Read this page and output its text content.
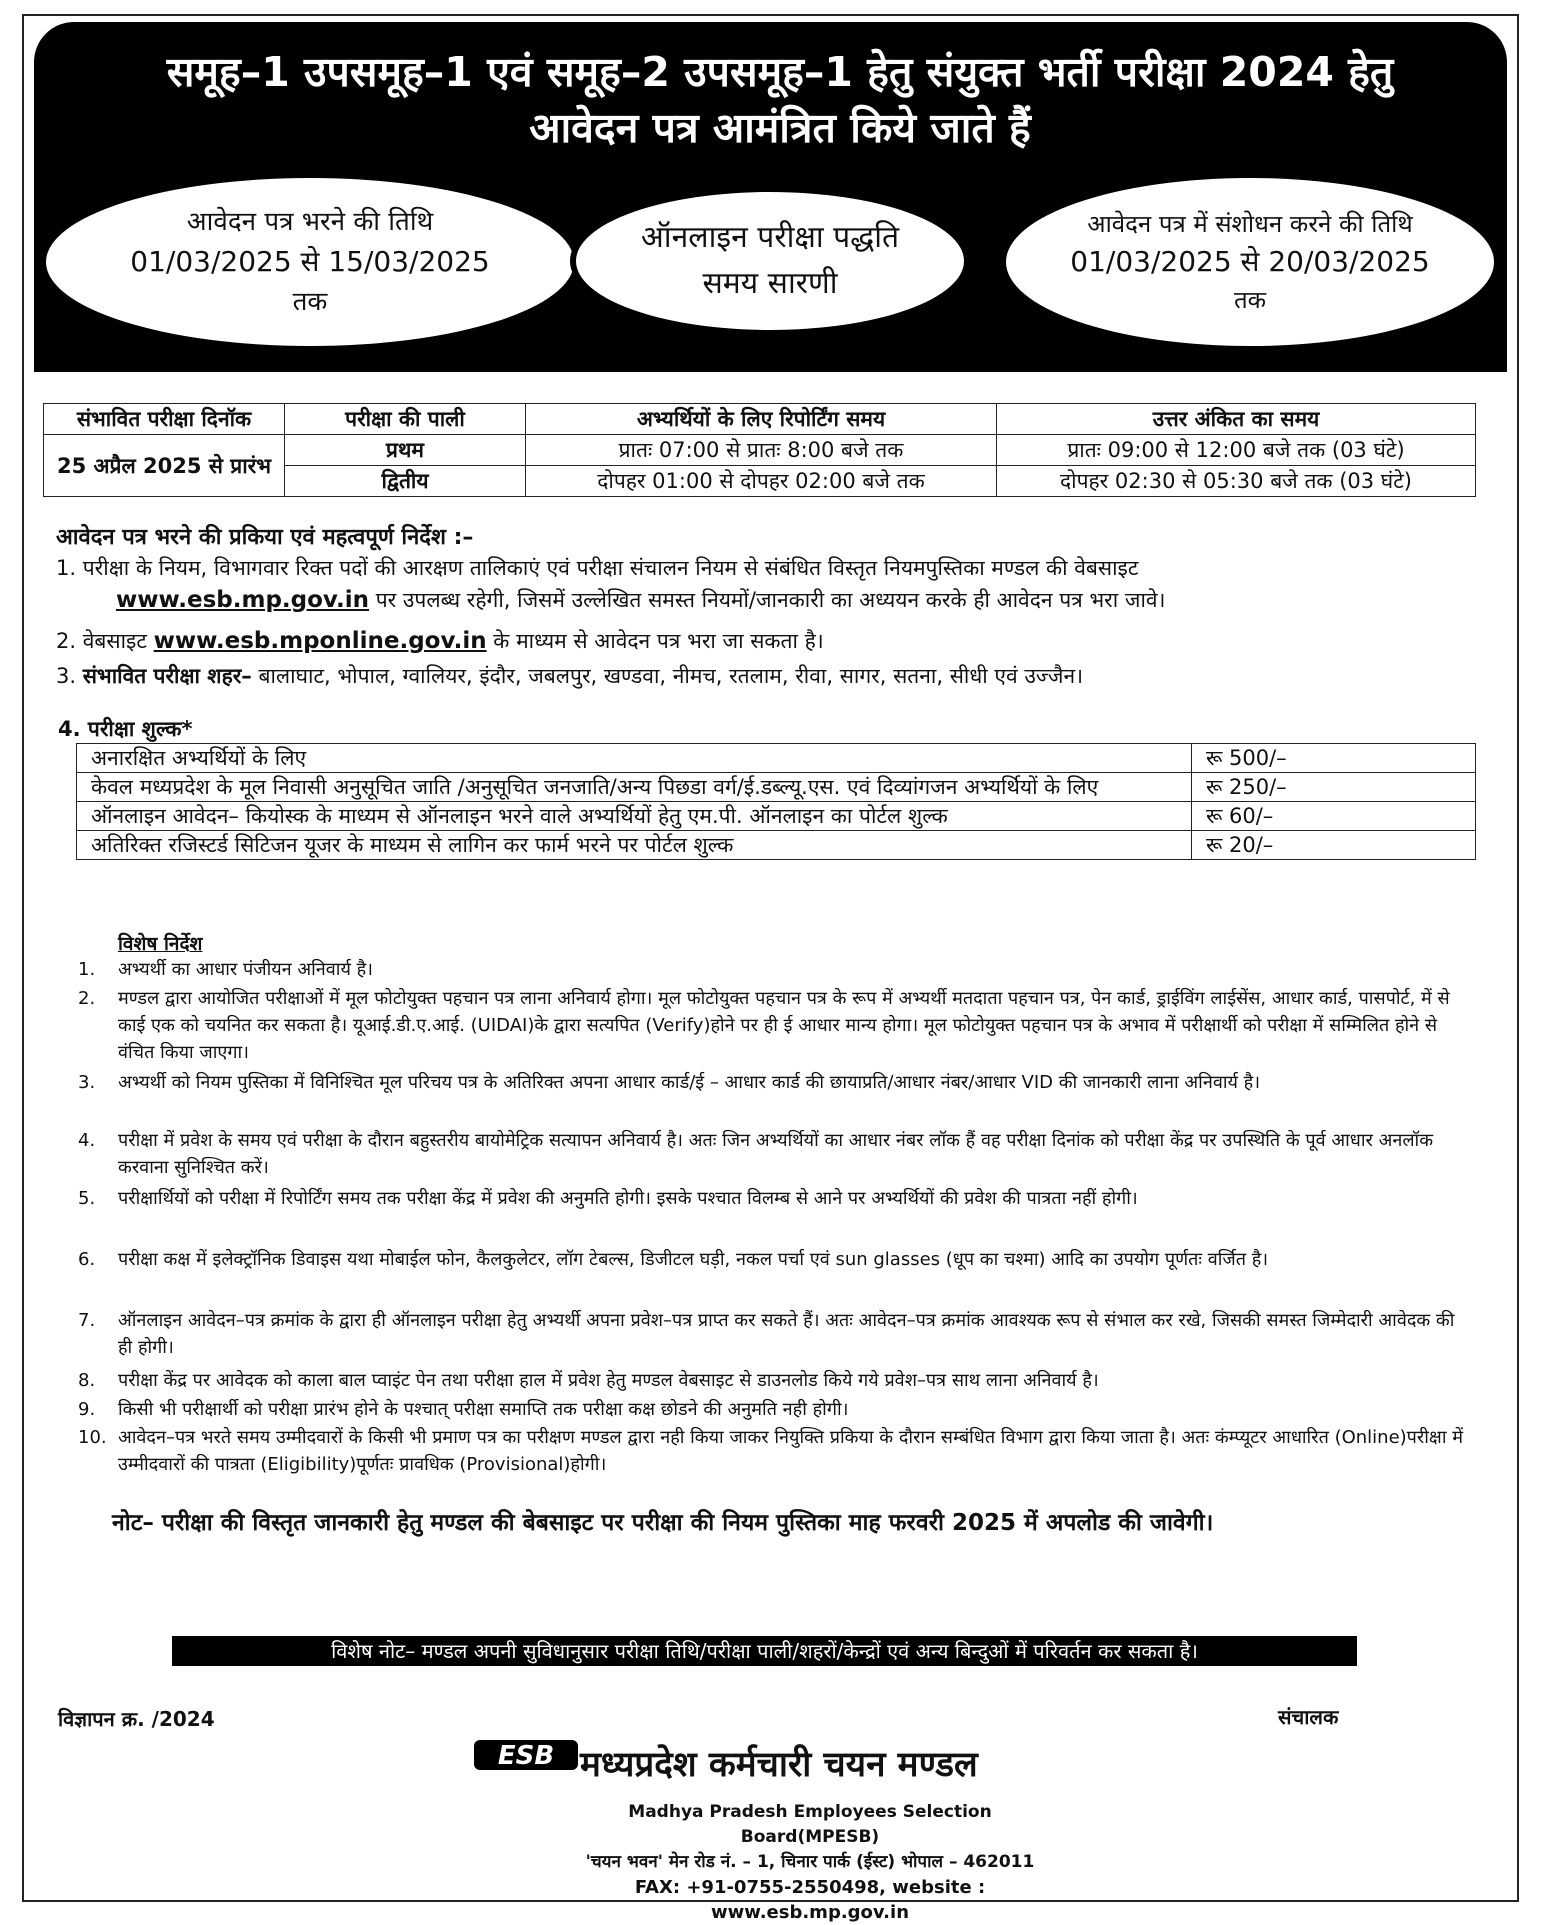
समूह–1 उपसमूह–1 एवं समूह–2 उपसमूह–1 हेतु संयुक्त भर्ती परीक्षा 2024 हेतु
आवेदन पत्र आमंत्रित किये जाते हैं
आवेदन पत्र भरने की तिथि
01/03/2025 से 15/03/2025
तक
ऑनलाइन परीक्षा पद्धति
समय सारणी
आवेदन पत्र में संशोधन करने की तिथि
01/03/2025 से 20/03/2025
तक
संभावित परीक्षा दिनॉक	परीक्षा की पाली	अभ्यर्थियों के लिए रिपोर्टिंग समय	उत्तर अंकित का समय
25 अप्रैल 2025 से प्रारंभ	प्रथम	प्रातः 07:00 से प्रातः 8:00 बजे तक	प्रातः 09:00 से 12:00 बजे तक (03 घंटे)
	द्वितीय	दोपहर 01:00 से दोपहर 02:00 बजे तक	दोपहर 02:30 से 05:30 बजे तक (03 घंटे)
आवेदन पत्र भरने की प्रकिया एवं महत्वपूर्ण निर्देश :–
1. परीक्षा के नियम, विभागवार रिक्त पदों की आरक्षण तालिकाएं एवं परीक्षा संचालन नियम से संबंधित विस्तृत नियमपुस्तिका मण्डल की वेबसाइट
www.esb.mp.gov.in पर उपलब्ध रहेगी, जिसमें उल्लेखित समस्त नियमों/जानकारी का अध्ययन करके ही आवेदन पत्र भरा जावे।
2. वेबसाइट www.esb.mponline.gov.in के माध्यम से आवेदन पत्र भरा जा सकता है।
3. संभावित परीक्षा शहर– बालाघाट, भोपाल, ग्वालियर, इंदौर, जबलपुर, खण्डवा, नीमच, रतलाम, रीवा, सागर, सतना, सीधी एवं उज्जैन।
4. परीक्षा शुल्क*
अनारक्षित अभ्यर्थियों के लिए	रू 500/–
केवल मध्यप्रदेश के मूल निवासी अनुसूचित जाति /अनुसूचित जनजाति/अन्य पिछडा वर्ग/ई.डब्ल्यू.एस. एवं दिव्यांगजन अभ्यर्थियों के लिए	रू 250/–
ऑनलाइन आवेदन– कियोस्क के माध्यम से ऑनलाइन भरने वाले अभ्यर्थियों हेतु एम.पी. ऑनलाइन का पोर्टल शुल्क	रू 60/–
अतिरिक्त रजिस्टर्ड सिटिजन यूजर के माध्यम से लागिन कर फार्म भरने पर पोर्टल शुल्क	रू 20/–
विशेष निर्देश
1.	अभ्यर्थी का आधार पंजीयन अनिवार्य है।
2.	मण्डल द्वारा आयोजित परीक्षाओं में मूल फोटोयुक्त पहचान पत्र लाना अनिवार्य होगा। मूल फोटोयुक्त पहचान पत्र के रूप में अभ्यर्थी मतदाता पहचान पत्र, पेन कार्ड, ड्राईविंग लाईसेंस, आधार कार्ड, पासपोर्ट, में से काई एक को चयनित कर सकता है। यूआई.डी.ए.आई. (UIDAI)के द्वारा सत्यपित (Verify)होने पर ही ई आधार मान्य होगा। मूल फोटोयुक्त पहचान पत्र के अभाव में परीक्षार्थी को परीक्षा में सम्मिलित होने से वंचित किया जाएगा।
3.	अभ्यर्थी को नियम पुस्तिका में विनिश्चित मूल परिचय पत्र के अतिरिक्त अपना आधार कार्ड/ई – आधार कार्ड की छायाप्रति/आधार नंबर/आधार VID की जानकारी लाना अनिवार्य है।
4.	परीक्षा में प्रवेश के समय एवं परीक्षा के दौरान बहुस्तरीय बायोमेट्रिक सत्यापन अनिवार्य है। अतः जिन अभ्यर्थियों का आधार नंबर लॉक हैं वह परीक्षा दिनांक को परीक्षा केंद्र पर उपस्थिति के पूर्व आधार अनलॉक करवाना सुनिश्चित करें।
5.	परीक्षार्थियों को परीक्षा में रिपोर्टिंग समय तक परीक्षा केंद्र में प्रवेश की अनुमति होगी। इसके पश्चात विलम्ब से आने पर अभ्यर्थियों की प्रवेश की पात्रता नहीं होगी।
6.	परीक्षा कक्ष में इलेक्ट्रॉनिक डिवाइस यथा मोबाईल फोन, कैलकुलेटर, लॉग टेबल्स, डिजीटल घड़ी, नकल पर्चा एवं sun glasses (धूप का चश्मा) आदि का उपयोग पूर्णतः वर्जित है।
7.	ऑनलाइन आवेदन–पत्र क्रमांक के द्वारा ही ऑनलाइन परीक्षा हेतु अभ्यर्थी अपना प्रवेश–पत्र प्राप्त कर सकते हैं। अतः आवेदन–पत्र क्रमांक आवश्यक रूप से संभाल कर रखे, जिसकी समस्त जिम्मेदारी आवेदक की ही होगी।
8.	परीक्षा केंद्र पर आवेदक को काला बाल प्वाइंट पेन तथा परीक्षा हाल में प्रवेश हेतु मण्डल वेबसाइट से डाउनलोड किये गये प्रवेश–पत्र साथ लाना अनिवार्य है।
9.	किसी भी परीक्षार्थी को परीक्षा प्रारंभ होने के पश्चात् परीक्षा समाप्ति तक परीक्षा कक्ष छोडने की अनुमति नही होगी।
10. आवेदन–पत्र भरते समय उम्मीदवारों के किसी भी प्रमाण पत्र का परीक्षण मण्डल द्वारा नही किया जाकर नियुक्ति प्रकिया के दौरान सम्बंधित विभाग द्वारा किया जाता है। अतः कंम्प्यूटर आधारित (Online)परीक्षा में उम्मीदवारों की पात्रता (Eligibility)पूर्णतः प्रावधिक (Provisional)होगी।
नोट– परीक्षा की विस्तृत जानकारी हेतु मण्डल की बेबसाइट पर परीक्षा की नियम पुस्तिका माह फरवरी 2025 में अपलोड की जावेगी।
विशेष नोट– मण्डल अपनी सुविधानुसार परीक्षा तिथि/परीक्षा पाली/शहरों/केन्द्रों एवं अन्य बिन्दुओं में परिवर्तन कर सकता है।
विज्ञापन क्र. /2024	संचालक
ESB मध्यप्रदेश कर्मचारी चयन मण्डल
Madhya Pradesh Employees Selection Board(MPESB)
'चयन भवन' मेन रोड नं. – 1, चिनार पार्क (ईस्ट) भोपाल – 462011
FAX: +91-0755-2550498, website : www.esb.mp.gov.in
